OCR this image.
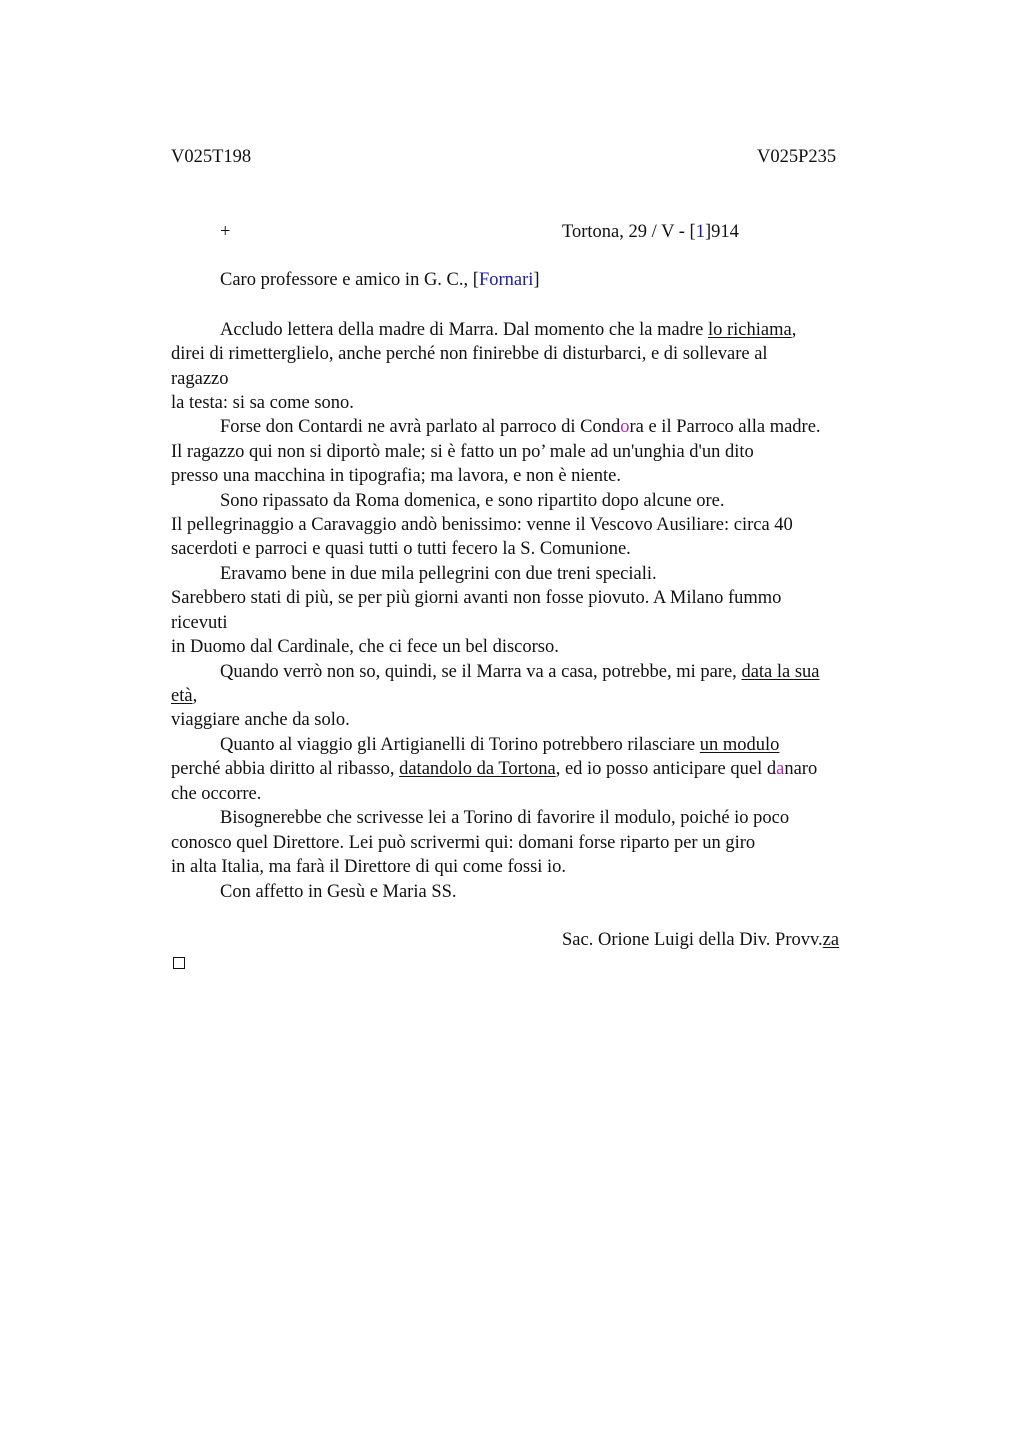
V025T198	V025P235
+	Tortona, 29 / V - [1]914
Caro professore e amico in G. C., [Fornari]
Accludo lettera della madre di Marra. Dal momento che la madre lo richiama,
direi di rimetterglielo, anche perché non finirebbe di disturbarci, e di sollevare al
ragazzo
la testa: si sa come sono.
Forse don Contardi ne avrà parlato al parroco di Condora e il Parroco alla madre.
Il ragazzo qui non si diportò male; si è fatto un po’ male ad un'unghia d'un dito
presso una macchina in tipografia; ma lavora, e non è niente.
Sono ripassato da Roma domenica, e sono ripartito dopo alcune ore.
Il pellegrinaggio a Caravaggio andò benissimo: venne il Vescovo Ausiliare: circa 40
sacerdoti e parroci e quasi tutti o tutti fecero la S. Comunione.
Eravamo bene in due mila pellegrini con due treni speciali.
Sarebbero stati di più, se per più giorni avanti non fosse piovuto. A Milano fummo
ricevuti
in Duomo dal Cardinale, che ci fece un bel discorso.
Quando verrò non so, quindi, se il Marra va a casa, potrebbe, mi pare, data la sua
età,
viaggiare anche da solo.
Quanto al viaggio gli Artigianelli di Torino potrebbero rilasciare un modulo
perché abbia diritto al ribasso, datandolo da Tortona, ed io posso anticipare quel danaro
che occorre.
Bisognerebbe che scrivesse lei a Torino di favorire il modulo, poiché io poco
conosco quel Direttore. Lei può scrivermi qui: domani forse riparto per un giro
in alta Italia, ma farà il Direttore di qui come fossi io.
Con affetto in Gesù e Maria SS.
Sac. Orione Luigi della Div. Provv.za
